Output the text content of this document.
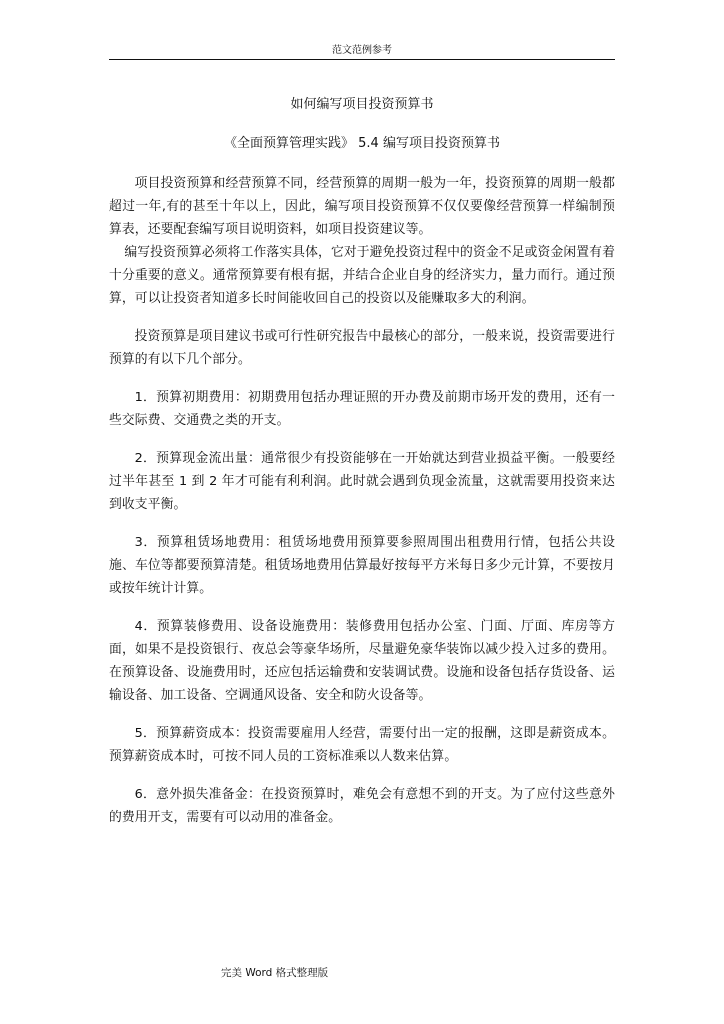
范文范例参考
如何编写项目投资预算书
《全面预算管理实践》 5.4 编写项目投资预算书

项目投资预算和经营预算不同，经营预算的周期一般为一年，投资预算的周期一般都超过一年,有的甚至十年以上，因此，编写项目投资预算不仅仅要像经营预算一样编制预算表，还要配套编写项目说明资料，如项目投资建议等。

编写投资预算必须将工作落实具体，它对于避免投资过程中的资金不足或资金闲置有着十分重要的意义。通常预算要有根有据，并结合企业自身的经济实力，量力而行。通过预算，可以让投资者知道多长时间能收回自己的投资以及能赚取多大的利润。

投资预算是项目建议书或可行性研究报告中最核心的部分，一般来说，投资需要进行预算的有以下几个部分。

1．预算初期费用：初期费用包括办理证照的开办费及前期市场开发的费用，还有一些交际费、交通费之类的开支。

2．预算现金流出量：通常很少有投资能够在一开始就达到营业损益平衡。一般要经过半年甚至 1 到 2 年才可能有利利润。此时就会遇到负现金流量，这就需要用投资来达到收支平衡。

3．预算租赁场地费用：租赁场地费用预算要参照周围出租费用行情，包括公共设施、车位等都要预算清楚。租赁场地费用估算最好按每平方米每日多少元计算，不要按月或按年统计计算。

4．预算装修费用、设备设施费用：装修费用包括办公室、门面、厅面、库房等方面，如果不是投资银行、夜总会等豪华场所，尽量避免豪华装饰以减少投入过多的费用。在预算设备、设施费用时，还应包括运输费和安装调试费。设施和设备包括存货设备、运输设备、加工设备、空调通风设备、安全和防火设备等。

5．预算薪资成本：投资需要雇用人经营，需要付出一定的报酬，这即是薪资成本。预算薪资成本时，可按不同人员的工资标准乘以人数来估算。

6．意外损失准备金：在投资预算时，难免会有意想不到的开支。为了应付这些意外的费用开支，需要有可以动用的准备金。

完美 Word 格式整理版
